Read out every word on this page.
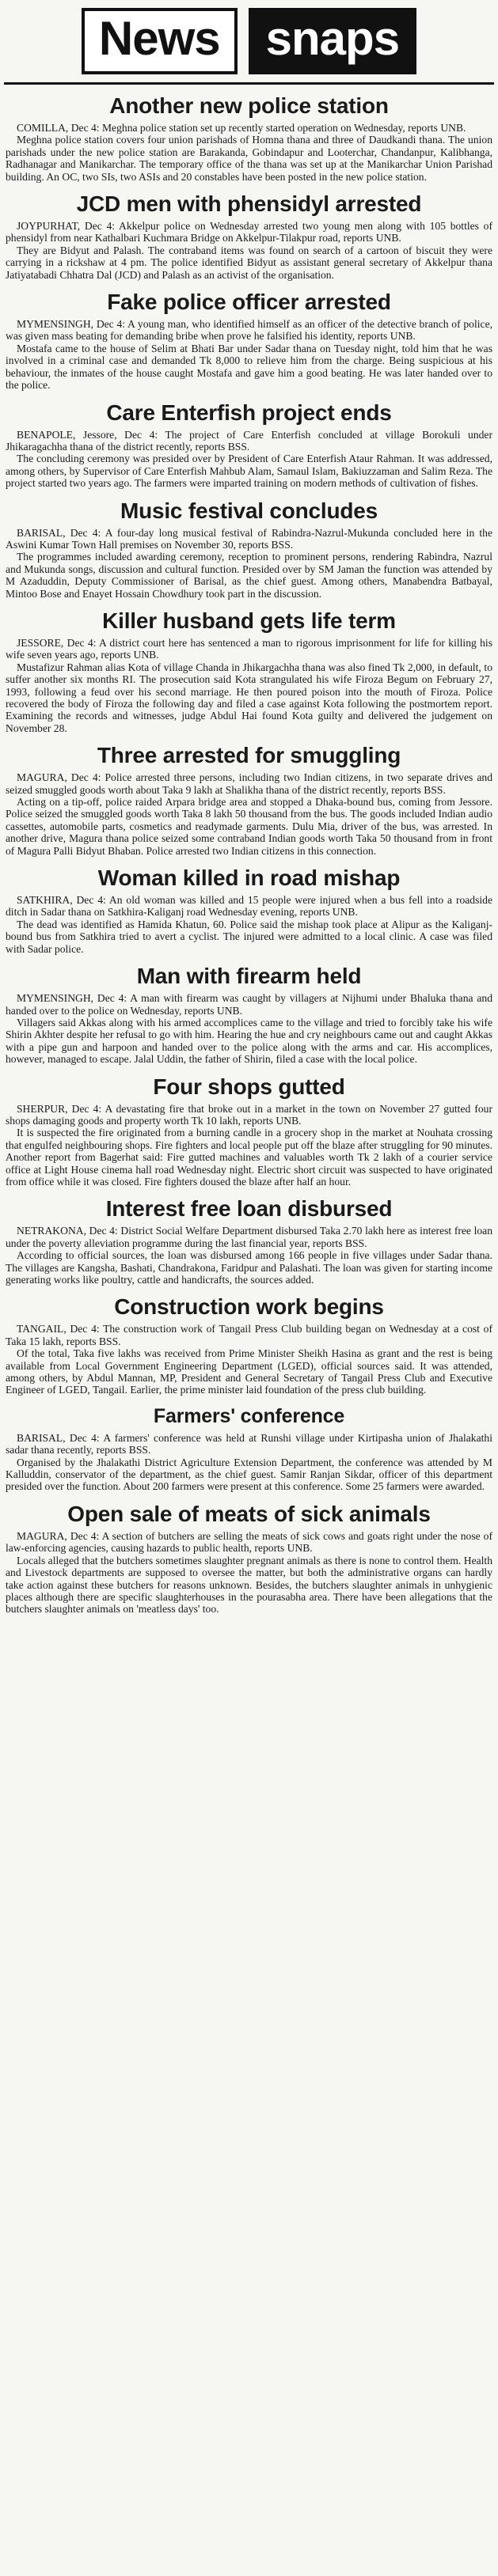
News snaps
Another new police station

COMILLA, Dec 4: Meghna police station set up recently started operation on Wednesday, reports UNB.

Meghna police station covers four union parishads of Homna thana and three of Daudkandi thana. The union parishads under the new police station are Barakanda, Gobindapur and Looterchar, Chandanpur, Kalibhanga, Radhanagar and Manikarchar. The temporary office of the thana was set up at the Manikarchar Union Parishad building. An OC, two SIs, two ASIs and 20 constables have been posted in the new police station.

JCD men with phensidyl arrested

JOYPURHAT, Dec 4: Akkelpur police on Wednesday arrested two young men along with 105 bottles of phensidyl from near Kathalbari Kuchmara Bridge on Akkelpur-Tilakpur road, reports UNB.

They are Bidyut and Palash. The contraband items was found on search of a cartoon of biscuit they were carrying in a rickshaw at 4 pm. The police identified Bidyut as assistant general secretary of Akkelpur thana Jatiyatabadi Chhatra Dal (JCD) and Palash as an activist of the organisation.

Fake police officer arrested

MYMENSINGH, Dec 4: A young man, who identified himself as an officer of the detective branch of police, was given mass beating for demanding bribe when prove he falsified his identity, reports UNB.

Mostafa came to the house of Selim at Bhati Bar under Sadar thana on Tuesday night, told him that he was involved in a criminal case and demanded Tk 8,000 to relieve him from the charge. Being suspicious at his behaviour, the inmates of the house caught Mostafa and gave him a good beating. He was later handed over to the police.

Care Enterfish project ends

BENAPOLE, Jessore, Dec 4: The project of Care Enterfish concluded at village Borokuli under Jhikaragachha thana of the district recently, reports BSS.

The concluding ceremony was presided over by President of Care Enterfish Ataur Rahman. It was addressed, among others, by Supervisor of Care Enterfish Mahbub Alam, Samaul Islam, Bakiuzzaman and Salim Reza. The project started two years ago. The farmers were imparted training on modern methods of cultivation of fishes.

Music festival concludes

BARISAL, Dec 4: A four-day long musical festival of Rabindra-Nazrul-Mukunda concluded here in the Aswini Kumar Town Hall premises on November 30, reports BSS.

The programmes included awarding ceremony, reception to prominent persons, rendering Rabindra, Nazrul and Mukunda songs, discussion and cultural function. Presided over by SM Jaman the function was attended by M Azaduddin, Deputy Commissioner of Barisal, as the chief guest. Among others, Manabendra Batbayal, Mintoo Bose and Enayet Hossain Chowdhury took part in the discussion.

Killer husband gets life term

JESSORE, Dec 4: A district court here has sentenced a man to rigorous imprisonment for life for killing his wife seven years ago, reports UNB.

Mustafizur Rahman alias Kota of village Chanda in Jhikargachha thana was also fined Tk 2,000, in default, to suffer another six months RI. The prosecution said Kota strangulated his wife Firoza Begum on February 27, 1993, following a feud over his second marriage. He then poured poison into the mouth of Firoza. Police recovered the body of Firoza the following day and filed a case against Kota following the postmortem report. Examining the records and witnesses, judge Abdul Hai found Kota guilty and delivered the judgement on November 28.

Three arrested for smuggling

MAGURA, Dec 4: Police arrested three persons, including two Indian citizens, in two separate drives and seized smuggled goods worth about Taka 9 lakh at Shalikha thana of the district recently, reports BSS.

Acting on a tip-off, police raided Arpara bridge area and stopped a Dhaka-bound bus, coming from Jessore. Police seized the smuggled goods worth Taka 8 lakh 50 thousand from the bus. The goods included Indian audio cassettes, automobile parts, cosmetics and readymade garments. Dulu Mia, driver of the bus, was arrested. In another drive, Magura thana police seized some contraband Indian goods worth Taka 50 thousand from in front of Magura Palli Bidyut Bhaban. Police arrested two Indian citizens in this connection.

Woman killed in road mishap

SATKHIRA, Dec 4: An old woman was killed and 15 people were injured when a bus fell into a roadside ditch in Sadar thana on Satkhira-Kaliganj road Wednesday evening, reports UNB.

The dead was identified as Hamida Khatun, 60. Police said the mishap took place at Alipur as the Kaliganj-bound bus from Satkhira tried to avert a cyclist. The injured were admitted to a local clinic. A case was filed with Sadar police.

Man with firearm held

MYMENSINGH, Dec 4: A man with firearm was caught by villagers at Nijhumi under Bhaluka thana and handed over to the police on Wednesday, reports UNB.

Villagers said Akkas along with his armed accomplices came to the village and tried to forcibly take his wife Shirin Akhter despite her refusal to go with him. Hearing the hue and cry neighbours came out and caught Akkas with a pipe gun and harpoon and handed over to the police along with the arms and car. His accomplices, however, managed to escape. Jalal Uddin, the father of Shirin, filed a case with the local police.

Four shops gutted

SHERPUR, Dec 4: A devastating fire that broke out in a market in the town on November 27 gutted four shops damaging goods and property worth Tk 10 lakh, reports UNB.

It is suspected the fire originated from a burning candle in a grocery shop in the market at Nouhata crossing that engulfed neighbouring shops. Fire fighters and local people put off the blaze after struggling for 90 minutes. Another report from Bagerhat said: Fire gutted machines and valuables worth Tk 2 lakh of a courier service office at Light House cinema hall road Wednesday night. Electric short circuit was suspected to have originated from office while it was closed. Fire fighters doused the blaze after half an hour.

Interest free loan disbursed

NETRAKONA, Dec 4: District Social Welfare Department disbursed Taka 2.70 lakh here as interest free loan under the poverty alleviation programme during the last financial year, reports BSS.

According to official sources, the loan was disbursed among 166 people in five villages under Sadar thana. The villages are Kangsha, Bashati, Chandrakona, Faridpur and Palashati. The loan was given for starting income generating works like poultry, cattle and handicrafts, the sources added.

Construction work begins

TANGAIL, Dec 4: The construction work of Tangail Press Club building began on Wednesday at a cost of Taka 15 lakh, reports BSS.

Of the total, Taka five lakhs was received from Prime Minister Sheikh Hasina as grant and the rest is being available from Local Government Engineering Department (LGED), official sources said. It was attended, among others, by Abdul Mannan, MP, President and General Secretary of Tangail Press Club and Executive Engineer of LGED, Tangail. Earlier, the prime minister laid foundation of the press club building.

Farmers' conference

BARISAL, Dec 4: A farmers' conference was held at Runshi village under Kirtipasha union of Jhalakathi sadar thana recently, reports BSS.

Organised by the Jhalakathi District Agriculture Extension Department, the conference was attended by M Kalluddin, conservator of the department, as the chief guest. Samir Ranjan Sikdar, officer of this department presided over the function. About 200 farmers were present at this conference. Some 25 farmers were awarded.

Open sale of meats of sick animals

MAGURA, Dec 4: A section of butchers are selling the meats of sick cows and goats right under the nose of law-enforcing agencies, causing hazards to public health, reports UNB.

Locals alleged that the butchers sometimes slaughter pregnant animals as there is none to control them. Health and Livestock departments are supposed to oversee the matter, but both the administrative organs can hardly take action against these butchers for reasons unknown. Besides, the butchers slaughter animals in unhygienic places although there are specific slaughterhouses in the pourasabha area. There have been allegations that the butchers slaughter animals on 'meatless days' too.
